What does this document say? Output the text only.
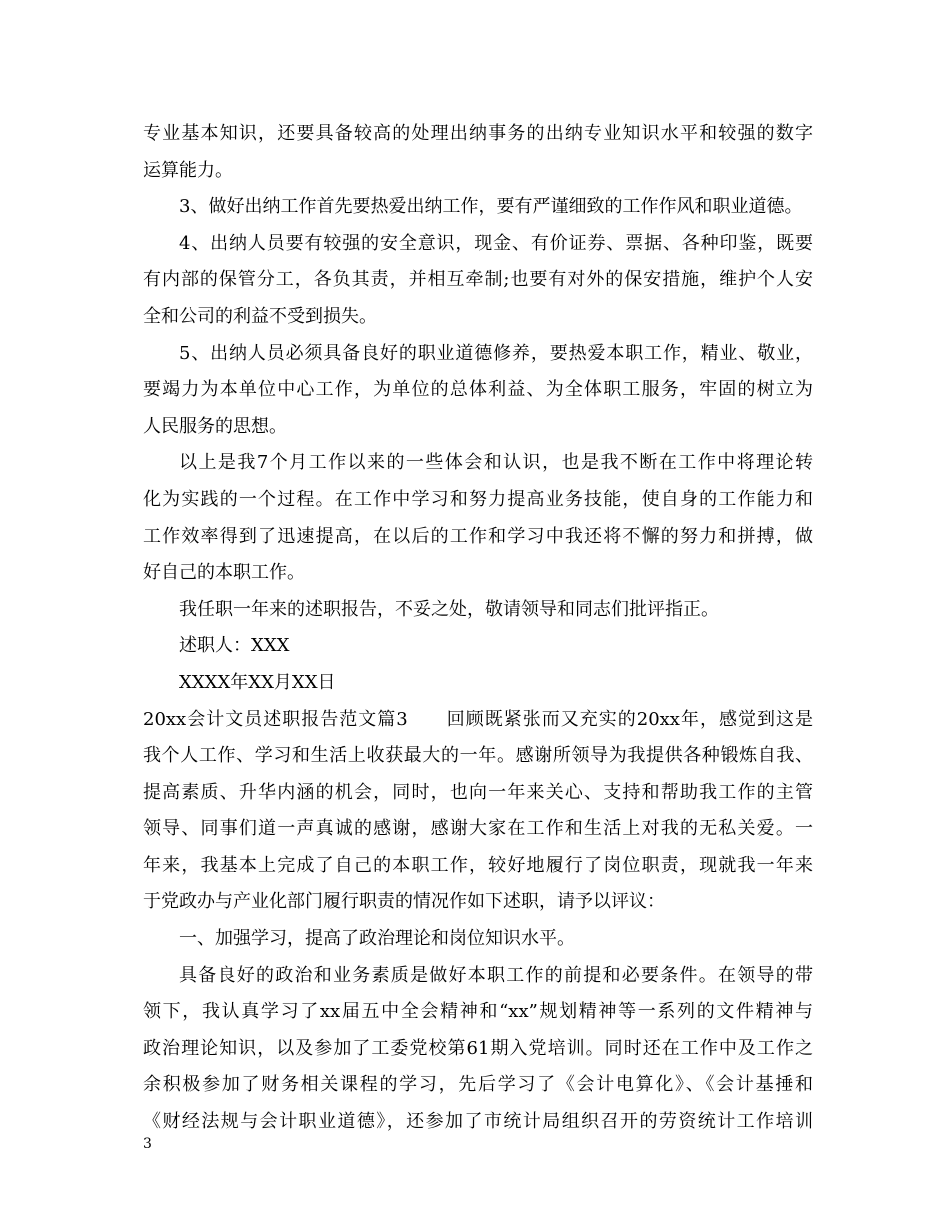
专业基本知识，还要具备较高的处理出纳事务的出纳专业知识水平和较强的数字
运算能力。
3、做好出纳工作首先要热爱出纳工作，要有严谨细致的工作作风和职业道德。
4、出纳人员要有较强的安全意识，现金、有价证券、票据、各种印鉴，既要
有内部的保管分工，各负其责，并相互牵制;也要有对外的保安措施，维护个人安
全和公司的利益不受到损失。
5、出纳人员必须具备良好的职业道德修养，要热爱本职工作，精业、敬业，
要竭力为本单位中心工作，为单位的总体利益、为全体职工服务，牢固的树立为
人民服务的思想。
以上是我7个月工作以来的一些体会和认识，也是我不断在工作中将理论转
化为实践的一个过程。在工作中学习和努力提高业务技能，使自身的工作能力和
工作效率得到了迅速提高，在以后的工作和学习中我还将不懈的努力和拼搏，做
好自己的本职工作。
我任职一年来的述职报告，不妥之处，敬请领导和同志们批评指正。
述职人：XXX
XXXX年XX月XX日
20xx会计文员述职报告范文篇3　　回顾既紧张而又充实的20xx年，感觉到这是
我个人工作、学习和生活上收获最大的一年。感谢所领导为我提供各种锻炼自我、
提高素质、升华内涵的机会，同时，也向一年来关心、支持和帮助我工作的主管
领导、同事们道一声真诚的感谢，感谢大家在工作和生活上对我的无私关爱。一
年来，我基本上完成了自己的本职工作，较好地履行了岗位职责，现就我一年来
于党政办与产业化部门履行职责的情况作如下述职，请予以评议：
一、加强学习，提高了政治理论和岗位知识水平。
具备良好的政治和业务素质是做好本职工作的前提和必要条件。在领导的带
领下，我认真学习了xx届五中全会精神和“xx”规划精神等一系列的文件精神与
政治理论知识，以及参加了工委党校第61期入党培训。同时还在工作中及工作之
余积极参加了财务相关课程的学习，先后学习了《会计电算化》、《会计基捶和
《财经法规与会计职业道德》，还参加了市统计局组织召开的劳资统计工作培训
3
